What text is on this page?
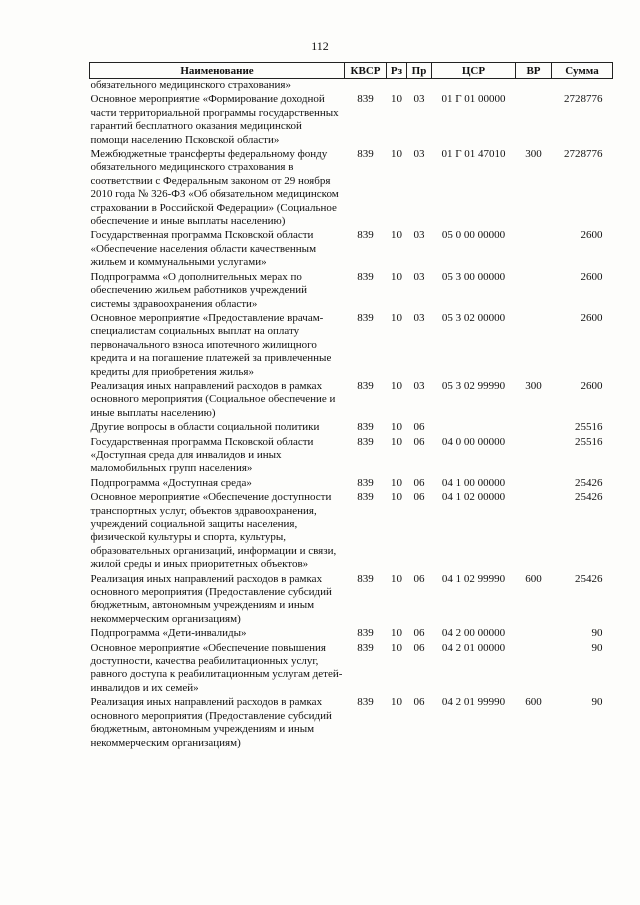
112
Наименование	КВСР	Рз	Пр	ЦСР	ВР	Сумма
обязательного медицинского страхования»						
Основное мероприятие «Формирование доходной части территориальной программы государственных гарантий бесплатного оказания медицинской помощи населению Псковской области»	839	10	03	01 Г 01 00000		2728776
Межбюджетные трансферты федеральному фонду обязательного медицинского страхования в соответствии с Федеральным законом от 29 ноября 2010 года № 326-ФЗ «Об обязательном медицинском страховании в Российской Федерации» (Социальное обеспечение и иные выплаты населению)	839	10	03	01 Г 01 47010	300	2728776
Государственная программа Псковской области «Обеспечение населения области качественным жильем и коммунальными услугами»	839	10	03	05 0 00 00000		2600
Подпрограмма «О дополнительных мерах по обеспечению жильем работников учреждений системы здравоохранения области»	839	10	03	05 3 00 00000		2600
Основное мероприятие «Предоставление врачам-специалистам социальных выплат на оплату первоначального взноса ипотечного жилищного кредита и на погашение платежей за привлеченные кредиты для приобретения жилья»	839	10	03	05 3 02 00000		2600
Реализация иных направлений расходов в рамках основного мероприятия (Социальное обеспечение и иные выплаты населению)	839	10	03	05 3 02 99990	300	2600
Другие вопросы в области социальной политики	839	10	06			25516
Государственная программа Псковской области «Доступная среда для инвалидов и иных маломобильных групп населения»	839	10	06	04 0 00 00000		25516
Подпрограмма «Доступная среда»	839	10	06	04 1 00 00000		25426
Основное мероприятие «Обеспечение доступности транспортных услуг, объектов здравоохранения, учреждений социальной защиты населения, физической культуры и спорта, культуры, образовательных организаций, информации и связи, жилой среды и иных приоритетных объектов»	839	10	06	04 1 02 00000		25426
Реализация иных направлений расходов в рамках основного мероприятия (Предоставление субсидий бюджетным, автономным учреждениям и иным некоммерческим организациям)	839	10	06	04 1 02 99990	600	25426
Подпрограмма «Дети-инвалиды»	839	10	06	04 2 00 00000		90
Основное мероприятие «Обеспечение повышения доступности, качества реабилитационных услуг, равного доступа к реабилитационным услугам детей-инвалидов и их семей»	839	10	06	04 2 01 00000		90
Реализация иных направлений расходов в рамках основного мероприятия (Предоставление субсидий бюджетным, автономным учреждениям и иным некоммерческим организациям)	839	10	06	04 2 01 99990	600	90
